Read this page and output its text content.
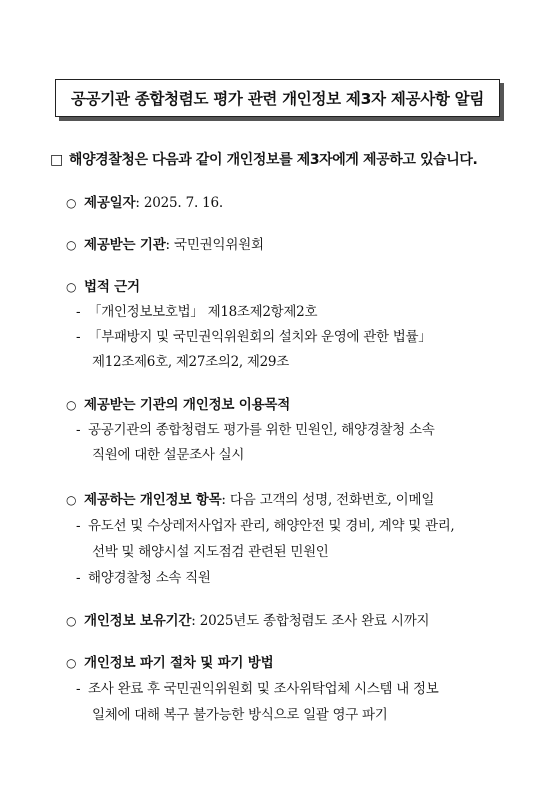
공공기관 종합청렴도 평가 관련 개인정보 제3자 제공사항 알림
□ 해양경찰청은 다음과 같이 개인정보를 제3자에게 제공하고 있습니다.
○ 제공일자: 2025. 7. 16.
○ 제공받는 기관: 국민권익위원회
○ 법적 근거
- 「개인정보보호법」 제18조제2항제2호
- 「부패방지 및 국민권익위원회의 설치와 운영에 관한 법률」
제12조제6호, 제27조의2, 제29조
○ 제공받는 기관의 개인정보 이용목적
- 공공기관의 종합청렴도 평가를 위한 민원인, 해양경찰청 소속
직원에 대한 설문조사 실시
○ 제공하는 개인정보 항목: 다음 고객의 성명, 전화번호, 이메일
- 유도선 및 수상레저사업자 관리, 해양안전 및 경비, 계약 및 관리,
선박 및 해양시설 지도점검 관련된 민원인
- 해양경찰청 소속 직원
○ 개인정보 보유기간: 2025년도 종합청렴도 조사 완료 시까지
○ 개인정보 파기 절차 및 파기 방법
- 조사 완료 후 국민권익위원회 및 조사위탁업체 시스템 내 정보
일체에 대해 복구 불가능한 방식으로 일괄 영구 파기
